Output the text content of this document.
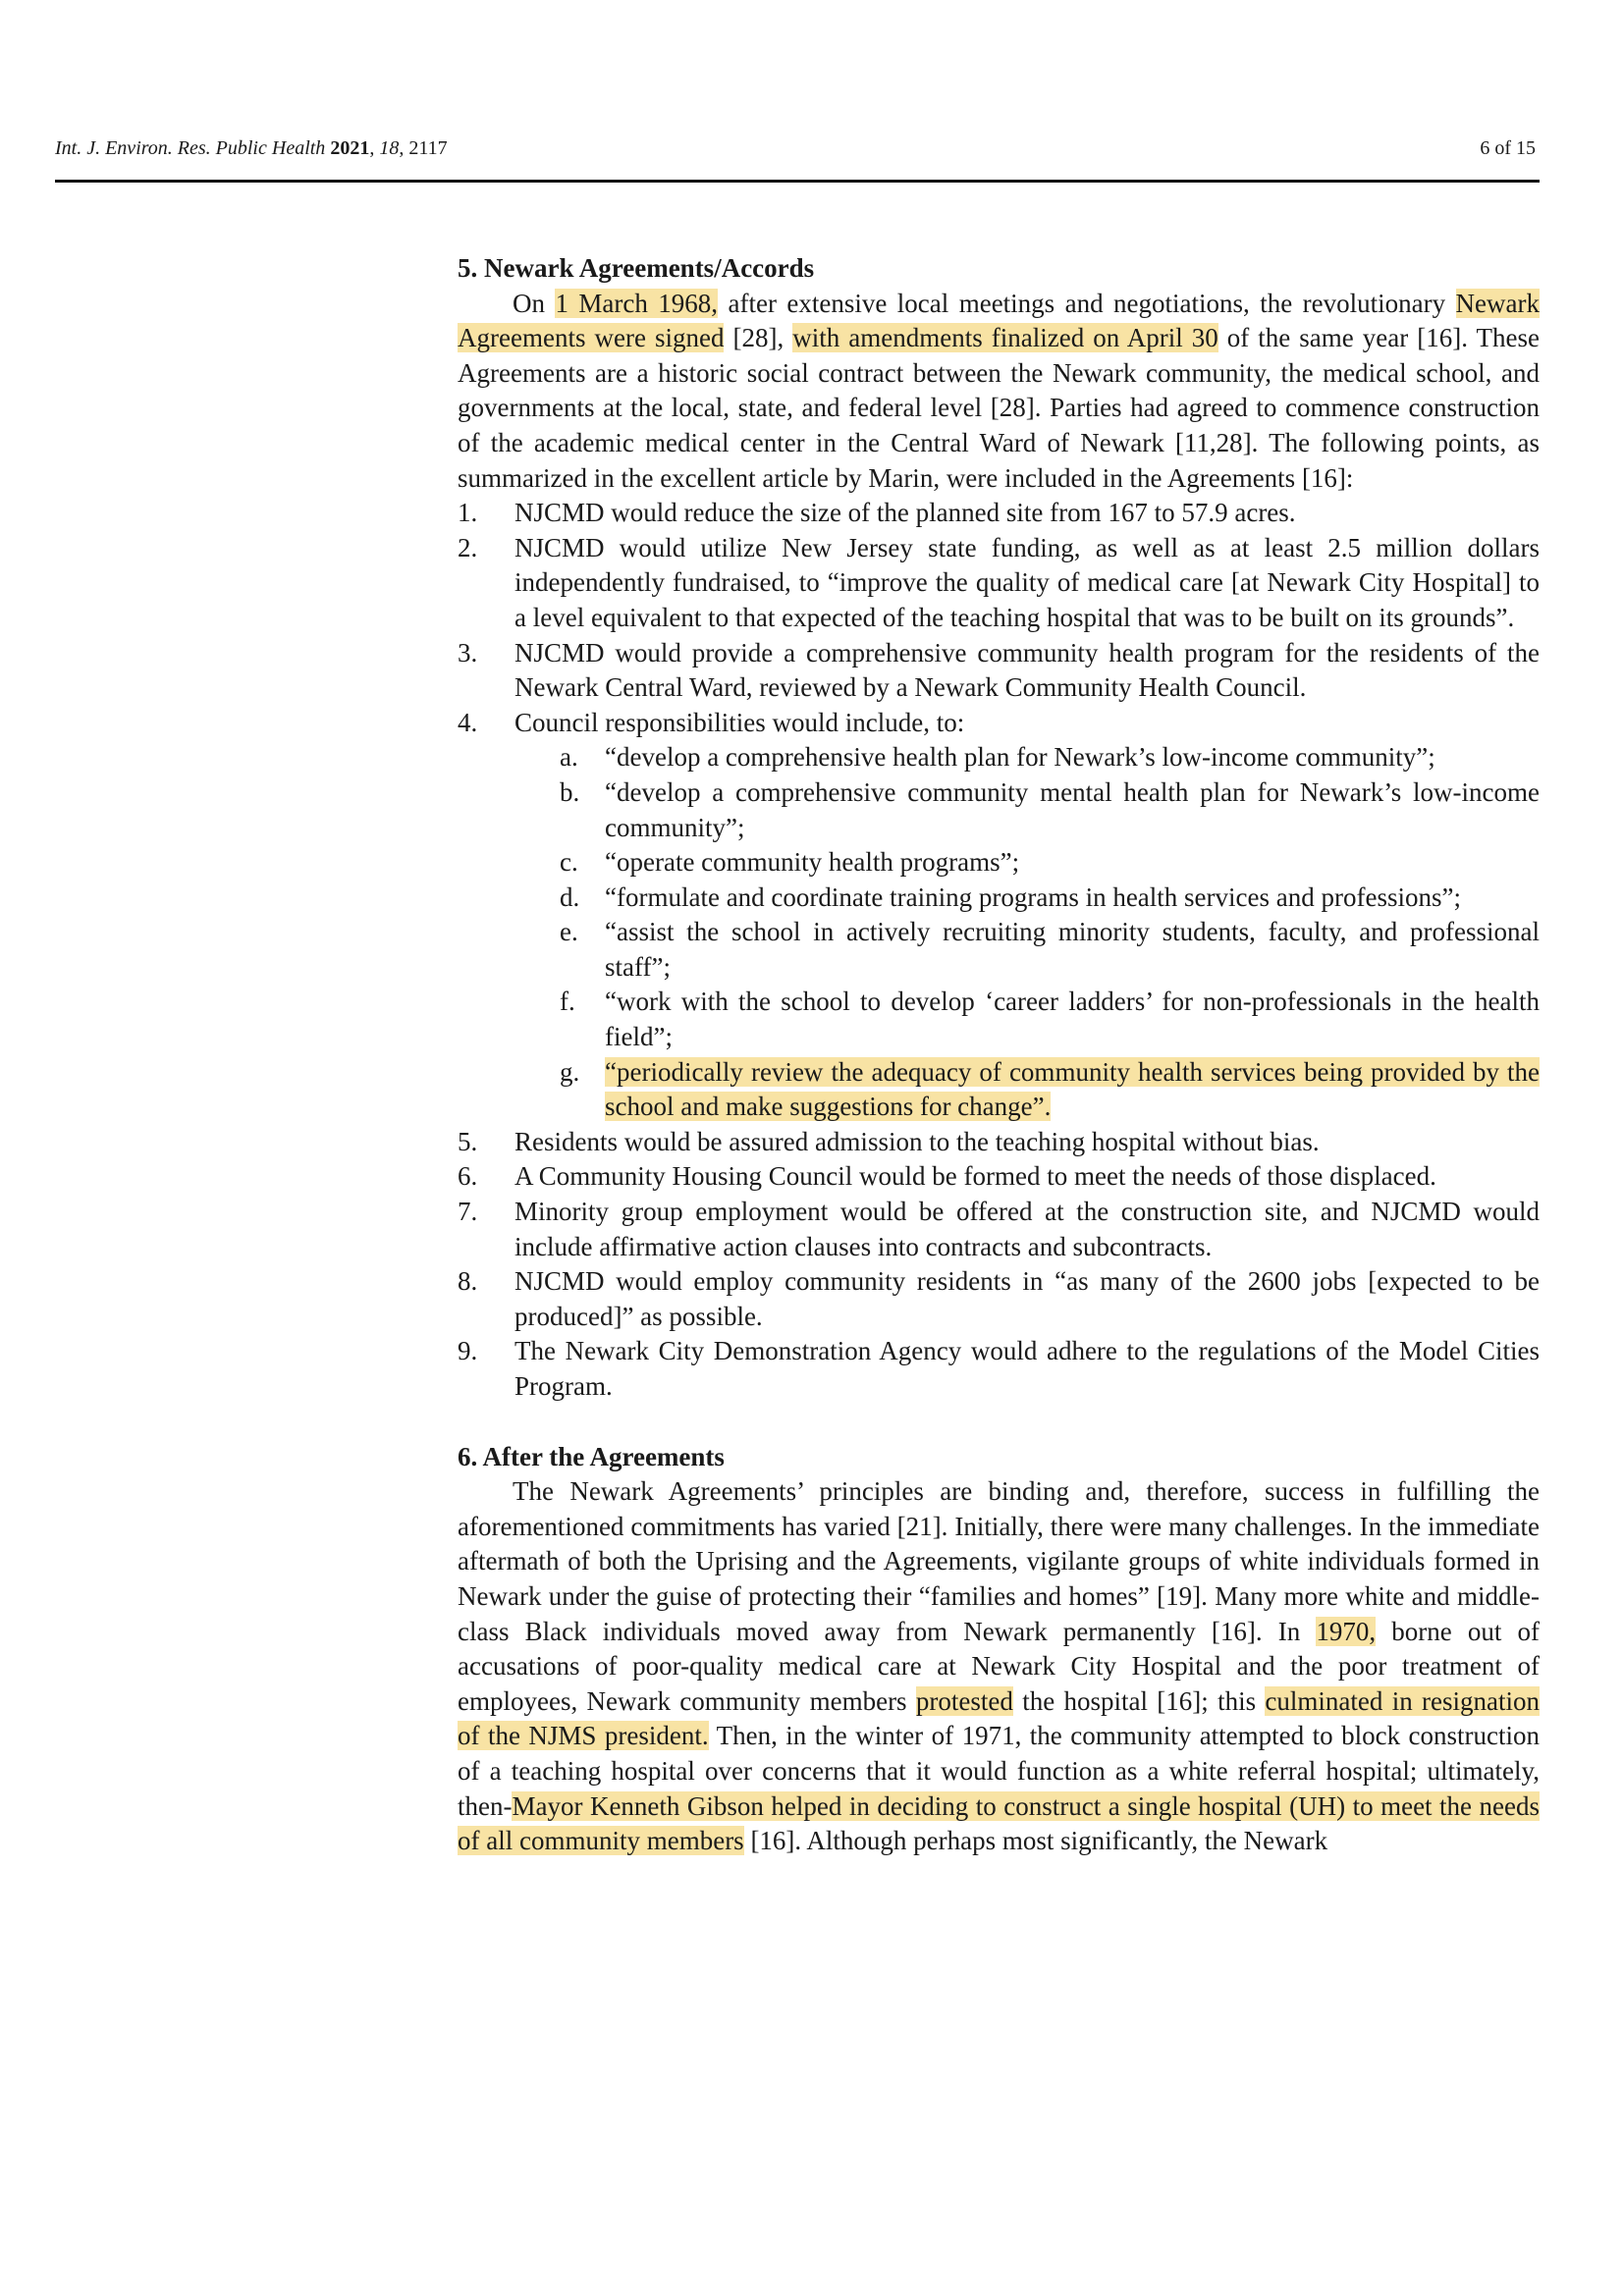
Int. J. Environ. Res. Public Health 2021, 18, 2117	6 of 15
5. Newark Agreements/Accords

On 1 March 1968, after extensive local meetings and negotiations, the revolutionary Newark Agreements were signed [28], with amendments finalized on April 30 of the same year [16]. These Agreements are a historic social contract between the Newark community, the medical school, and governments at the local, state, and federal level [28]. Parties had agreed to commence construction of the academic medical center in the Central Ward of Newark [11,28]. The following points, as summarized in the excellent article by Marin, were included in the Agreements [16]:

1. NJCMD would reduce the size of the planned site from 167 to 57.9 acres.
2. NJCMD would utilize New Jersey state funding, as well as at least 2.5 million dollars independently fundraised, to “improve the quality of medical care [at Newark City Hospital] to a level equivalent to that expected of the teaching hospital that was to be built on its grounds”.
3. NJCMD would provide a comprehensive community health program for the residents of the Newark Central Ward, reviewed by a Newark Community Health Council.
4. Council responsibilities would include, to:
a. “develop a comprehensive health plan for Newark’s low-income community”;
b. “develop a comprehensive community mental health plan for Newark’s low-income community”;
c. “operate community health programs”;
d. “formulate and coordinate training programs in health services and professions”;
e. “assist the school in actively recruiting minority students, faculty, and professional staff”;
f. “work with the school to develop ‘career ladders’ for non-professionals in the health field”;
g. “periodically review the adequacy of community health services being provided by the school and make suggestions for change”.
5. Residents would be assured admission to the teaching hospital without bias.
6. A Community Housing Council would be formed to meet the needs of those displaced.
7. Minority group employment would be offered at the construction site, and NJCMD would include affirmative action clauses into contracts and subcontracts.
8. NJCMD would employ community residents in “as many of the 2600 jobs [expected to be produced]” as possible.
9. The Newark City Demonstration Agency would adhere to the regulations of the Model Cities Program.
6. After the Agreements

The Newark Agreements’ principles are binding and, therefore, success in fulfilling the aforementioned commitments has varied [21]. Initially, there were many challenges. In the immediate aftermath of both the Uprising and the Agreements, vigilante groups of white individuals formed in Newark under the guise of protecting their “families and homes” [19]. Many more white and middle-class Black individuals moved away from Newark permanently [16]. In 1970, borne out of accusations of poor-quality medical care at Newark City Hospital and the poor treatment of employees, Newark community members protested the hospital [16]; this culminated in resignation of the NJMS president. Then, in the winter of 1971, the community attempted to block construction of a teaching hospital over concerns that it would function as a white referral hospital; ultimately, then-Mayor Kenneth Gibson helped in deciding to construct a single hospital (UH) to meet the needs of all community members [16]. Although perhaps most significantly, the Newark
